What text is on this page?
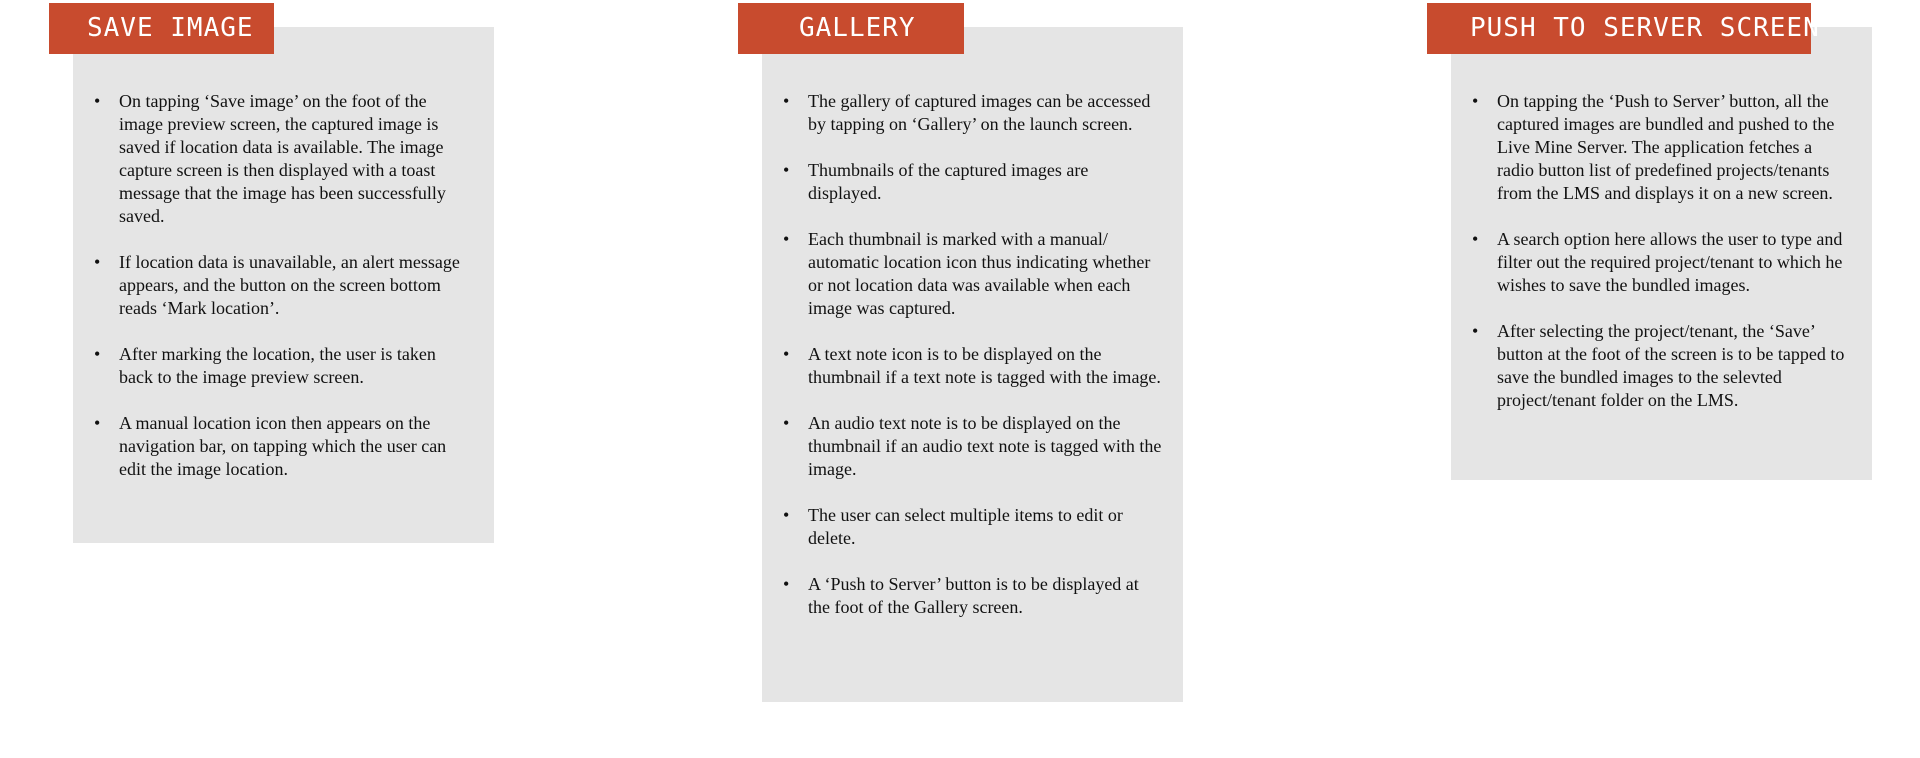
SAVE IMAGE
• On tapping ‘Save image’ on the foot of the image preview screen, the captured image is saved if location data is available. The image capture screen is then displayed with a toast message that the image has been successfully saved.
• If location data is unavailable, an alert message appears, and the button on the screen bottom reads ‘Mark location’.
• After marking the location, the user is taken back to the image preview screen.
• A manual location icon then appears on the navigation bar, on tapping which the user can edit the image location.
GALLERY
• The gallery of captured images can be accessed by tapping on ‘Gallery’ on the launch screen.
• Thumbnails of the captured images are displayed.
• Each thumbnail is marked with a manual/ automatic location icon thus indicating whether or not location data was available when each image was captured.
• A text note icon is to be displayed on the thumbnail if a text note is tagged with the image.
• An audio text note is to be displayed on the thumbnail if an audio text note is tagged with the image.
• The user can select multiple items to edit or delete.
• A ‘Push to Server’ button is to be displayed at the foot of the Gallery screen.
PUSH TO SERVER SCREEN
• On tapping the ‘Push to Server’ button, all the captured images are bundled and pushed to the Live Mine Server. The application fetches a radio button list of predefined projects/tenants from the LMS and displays it on a new screen.
• A search option here allows the user to type and filter out the required project/tenant to which he wishes to save the bundled images.
• After selecting the project/tenant, the ‘Save’ button at the foot of the screen is to be tapped to save the bundled images to the selevted project/tenant folder on the LMS.
